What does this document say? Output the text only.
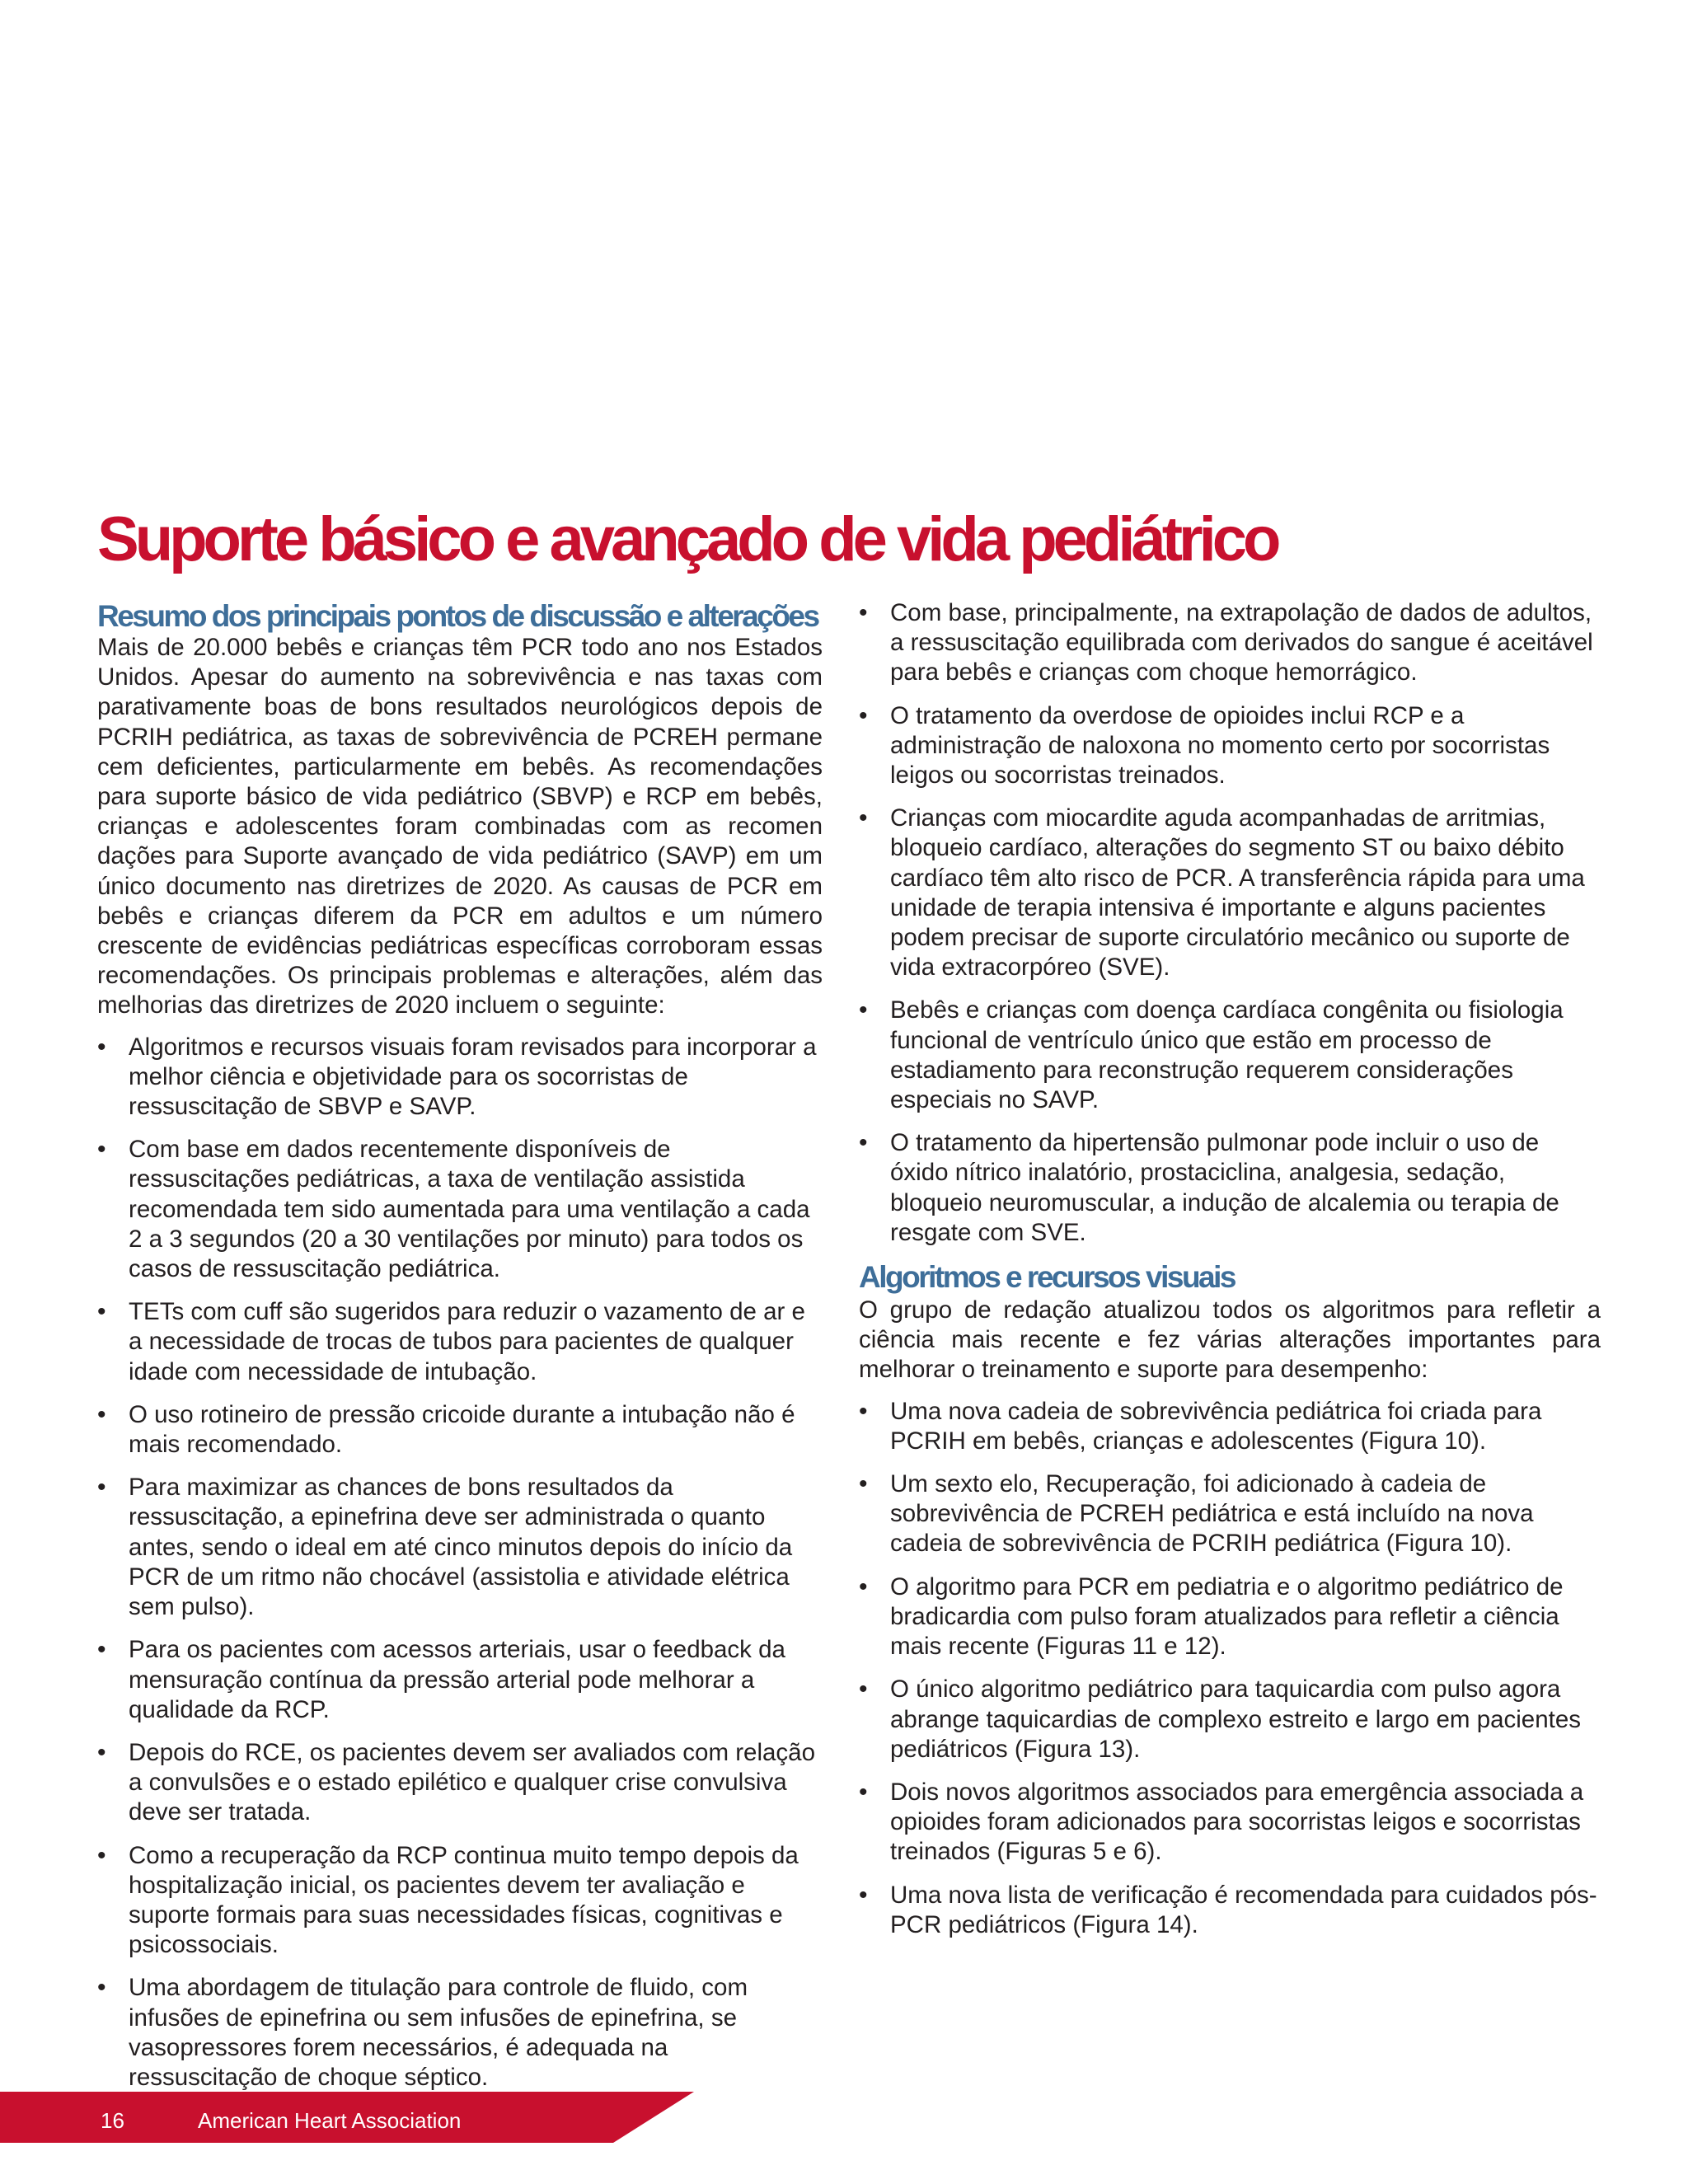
Suporte básico e avançado de vida pediátrico
Resumo dos principais pontos de discussão e alterações

Mais de 20.000 bebês e crianças têm PCR todo ano nos Estados Unidos. Apesar do aumento na sobrevivência e nas taxas com parativamente boas de bons resultados neurológicos depois de PCRIH pediátrica, as taxas de sobrevivência de PCREH permane cem deficientes, particularmente em bebês. As recomendações para suporte básico de vida pediátrico (SBVP) e RCP em bebês, crianças e adolescentes foram combinadas com as recomen dações para Suporte avançado de vida pediátrico (SAVP) em um único documento nas diretrizes de 2020. As causas de PCR em bebês e crianças diferem da PCR em adultos e um número crescente de evidências pediátricas específicas corroboram essas recomendações. Os principais problemas e alterações, além das melhorias das diretrizes de 2020 incluem o seguinte:

• Algoritmos e recursos visuais foram revisados para incorporar a melhor ciência e objetividade para os socorristas de ressuscitação de SBVP e SAVP.
• Com base em dados recentemente disponíveis de ressuscitações pediátricas, a taxa de ventilação assistida recomendada tem sido aumentada para uma ventilação a cada 2 a 3 segundos (20 a 30 ventilações por minuto) para todos os casos de ressuscitação pediátrica.
• TETs com cuff são sugeridos para reduzir o vazamento de ar e a necessidade de trocas de tubos para pacientes de qualquer idade com necessidade de intubação.
• O uso rotineiro de pressão cricoide durante a intubação não é mais recomendado.
• Para maximizar as chances de bons resultados da ressuscitação, a epinefrina deve ser administrada o quanto antes, sendo o ideal em até cinco minutos depois do início da PCR de um ritmo não chocável (assistolia e atividade elétrica sem pulso).
• Para os pacientes com acessos arteriais, usar o feedback da mensuração contínua da pressão arterial pode melhorar a qualidade da RCP.
• Depois do RCE, os pacientes devem ser avaliados com relação a convulsões e o estado epilético e qualquer crise convulsiva deve ser tratada.
• Como a recuperação da RCP continua muito tempo depois da hospitalização inicial, os pacientes devem ter avaliação e suporte formais para suas necessidades físicas, cognitivas e psicossociais.
• Uma abordagem de titulação para controle de fluido, com infusões de epinefrina ou sem infusões de epinefrina, se vasopressores forem necessários, é adequada na ressuscitação de choque séptico.
• Com base, principalmente, na extrapolação de dados de adultos, a ressuscitação equilibrada com derivados do sangue é aceitável para bebês e crianças com choque hemorrágico.
• O tratamento da overdose de opioides inclui RCP e a administração de naloxona no momento certo por socorristas leigos ou socorristas treinados.
• Crianças com miocardite aguda acompanhadas de arritmias, bloqueio cardíaco, alterações do segmento ST ou baixo débito cardíaco têm alto risco de PCR. A transferência rápida para uma unidade de terapia intensiva é importante e alguns pacientes podem precisar de suporte circulatório mecânico ou suporte de vida extracorpóreo (SVE).
• Bebês e crianças com doença cardíaca congênita ou fisiologia funcional de ventrículo único que estão em processo de estadiamento para reconstrução requerem considerações especiais no SAVP.
• O tratamento da hipertensão pulmonar pode incluir o uso de óxido nítrico inalatório, prostaciclina, analgesia, sedação, bloqueio neuromuscular, a indução de alcalemia ou terapia de resgate com SVE.
Algoritmos e recursos visuais

O grupo de redação atualizou todos os algoritmos para refletir a ciência mais recente e fez várias alterações importantes para melhorar o treinamento e suporte para desempenho:

• Uma nova cadeia de sobrevivência pediátrica foi criada para PCRIH em bebês, crianças e adolescentes (Figura 10).
• Um sexto elo, Recuperação, foi adicionado à cadeia de sobrevivência de PCREH pediátrica e está incluído na nova cadeia de sobrevivência de PCRIH pediátrica (Figura 10).
• O algoritmo para PCR em pediatria e o algoritmo pediátrico de bradicardia com pulso foram atualizados para refletir a ciência mais recente (Figuras 11 e 12).
• O único algoritmo pediátrico para taquicardia com pulso agora abrange taquicardias de complexo estreito e largo em pacientes pediátricos (Figura 13).
• Dois novos algoritmos associados para emergência associada a opioides foram adicionados para socorristas leigos e socorristas treinados (Figuras 5 e 6).
• Uma nova lista de verificação é recomendada para cuidados pós-PCR pediátricos (Figura 14).
16	American Heart Association
